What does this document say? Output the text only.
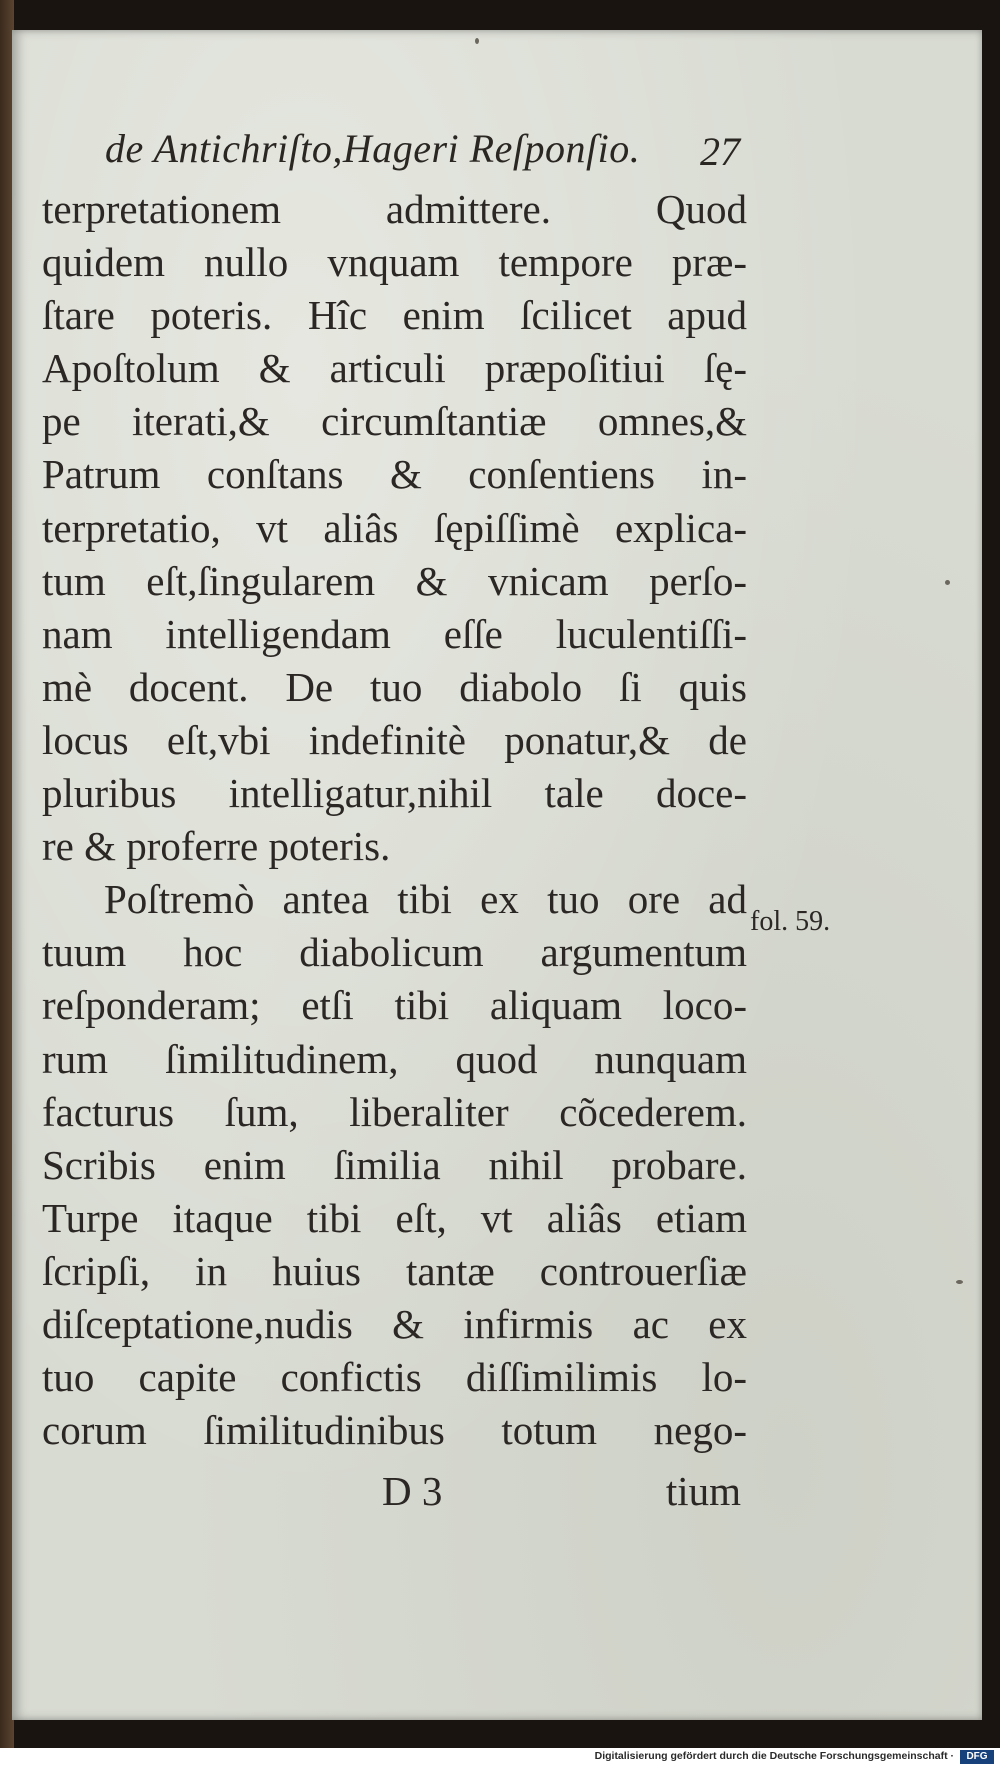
de Antichriſto,Hageri Reſponſio.	27
terpretationem admittere. Quod
quidem nullo vnquam tempore præ-
ſtare poteris. Hîc enim ſcilicet apud
Apoſtolum & articuli præpoſitiui ſę-
pe iterati,& circumſtantiæ omnes,&
Patrum conſtans & conſentiens in-
terpretatio, vt aliâs ſępiſſimè explica-
tum eſt,ſingularem & vnicam perſo-
nam intelligendam eſſe luculentiſſi-
mè docent. De tuo diabolo ſi quis
locus eſt,vbi indefinitè ponatur,& de
pluribus intelligatur,nihil tale doce-
re & proferre poteris.
Poſtremò antea tibi ex tuo ore ad
tuum hoc diabolicum argumentum
reſponderam; etſi tibi aliquam loco-
rum ſimilitudinem, quod nunquam
facturus ſum, liberaliter cõcederem.
Scribis enim ſimilia nihil probare.
Turpe itaque tibi eſt, vt aliâs etiam
ſcripſi, in huius tantæ controuerſiæ
diſceptatione,nudis & infirmis ac ex
tuo capite confictis diſſimilimis lo-
corum ſimilitudinibus totum nego-
fol. 59.
D 3	tium
Digitalisierung gefördert durch die Deutsche Forschungsgemeinschaft ·	DFG
